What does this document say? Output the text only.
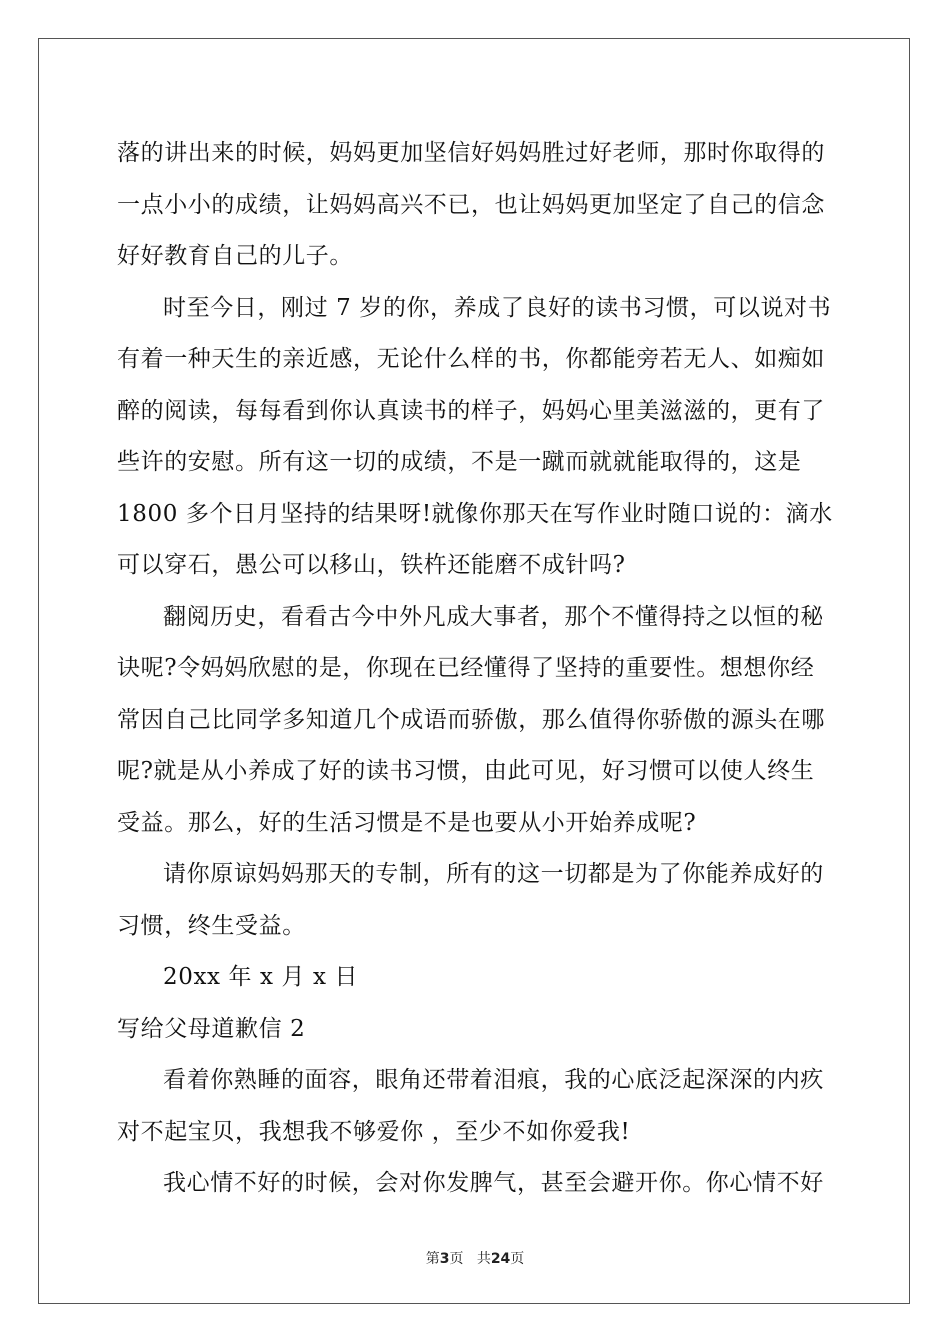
落的讲出来的时候，妈妈更加坚信好妈妈胜过好老师，那时你取得的
一点小小的成绩，让妈妈高兴不已，也让妈妈更加坚定了自己的信念
好好教育自己的儿子。
时至今日，刚过 7 岁的你，养成了良好的读书习惯，可以说对书
有着一种天生的亲近感，无论什么样的书，你都能旁若无人、如痴如
醉的阅读，每每看到你认真读书的样子，妈妈心里美滋滋的，更有了
些许的安慰。所有这一切的成绩，不是一蹴而就就能取得的，这是
1800 多个日月坚持的结果呀!就像你那天在写作业时随口说的：滴水
可以穿石，愚公可以移山，铁杵还能磨不成针吗?
翻阅历史，看看古今中外凡成大事者，那个不懂得持之以恒的秘
诀呢?令妈妈欣慰的是，你现在已经懂得了坚持的重要性。想想你经
常因自己比同学多知道几个成语而骄傲，那么值得你骄傲的源头在哪
呢?就是从小养成了好的读书习惯，由此可见，好习惯可以使人终生
受益。那么，好的生活习惯是不是也要从小开始养成呢?
请你原谅妈妈那天的专制，所有的这一切都是为了你能养成好的
习惯，终生受益。
20xx 年 x 月 x 日
写给父母道歉信 2
看着你熟睡的面容，眼角还带着泪痕，我的心底泛起深深的内疚
对不起宝贝，我想我不够爱你 ，至少不如你爱我!
我心情不好的时候，会对你发脾气，甚至会避开你。你心情不好
第3页 共24页
